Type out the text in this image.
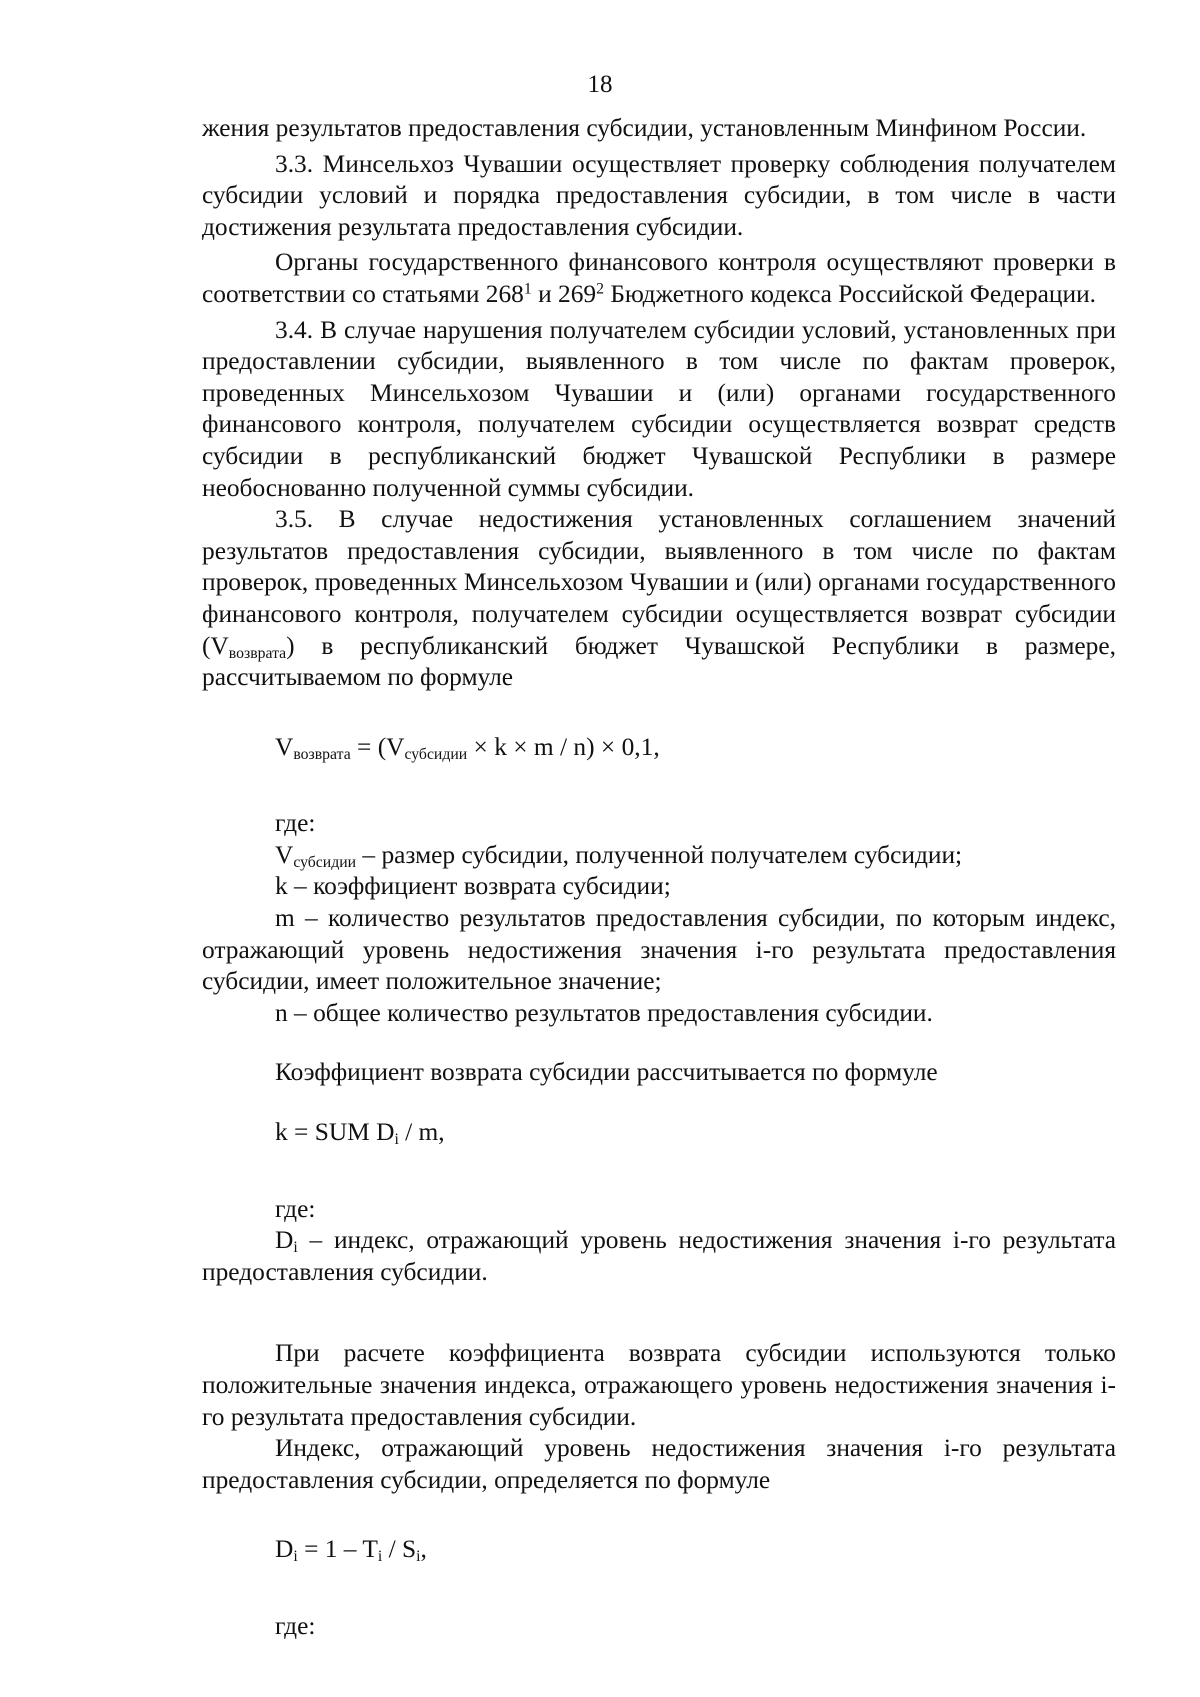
18

жения результатов предоставления субсидии, установленным Минфином России.

3.3. Минсельхоз Чувашии осуществляет проверку соблюдения получателем субсидии условий и порядка предоставления субсидии, в том числе в части достижения результата предоставления субсидии.

Органы государственного финансового контроля осуществляют проверки в соответствии со статьями $268^1$ и $269^2$ Бюджетного кодекса Российской Федерации.

3.4. В случае нарушения получателем субсидии условий, установленных при предоставлении субсидии, выявленного в том числе по фактам проверок, проведенных Минсельхозом Чувашии и (или) органами государственного финансового контроля, получателем субсидии осуществляется возврат средств субсидии в республиканский бюджет Чувашской Республики в размере необоснованно полученной суммы субсидии.

3.5. В случае недостижения установленных соглашением значений результатов предоставления субсидии, выявленного в том числе по фактам проверок, проведенных Минсельхозом Чувашии и (или) органами государственного финансового контроля, получателем субсидии осуществляется возврат субсидии $(V_{возврата})$ в республиканский бюджет Чувашской Республики в размере, рассчитываемом по формуле

$V_{возврата} = (V_{субсидии} \times k \times m / n) \times 0,1$,

где:

$V_{субсидии}$ – размер субсидии, полученной получателем субсидии;

k – коэффициент возврата субсидии;

m – количество результатов предоставления субсидии, по которым индекс, отражающий уровень недостижения значения i-го результата предоставления субсидии, имеет положительное значение;

n – общее количество результатов предоставления субсидии.

Коэффициент возврата субсидии рассчитывается по формуле

k = SUM $D_i$ / m,

где:

$D_i$ – индекс, отражающий уровень недостижения значения i-го результата предоставления субсидии.

При расчете коэффициента возврата субсидии используются только положительные значения индекса, отражающего уровень недостижения значения i-го результата предоставления субсидии.

Индекс, отражающий уровень недостижения значения i-го результата предоставления субсидии, определяется по формуле

$D_i = 1 - T_i / S_i$,

где:
